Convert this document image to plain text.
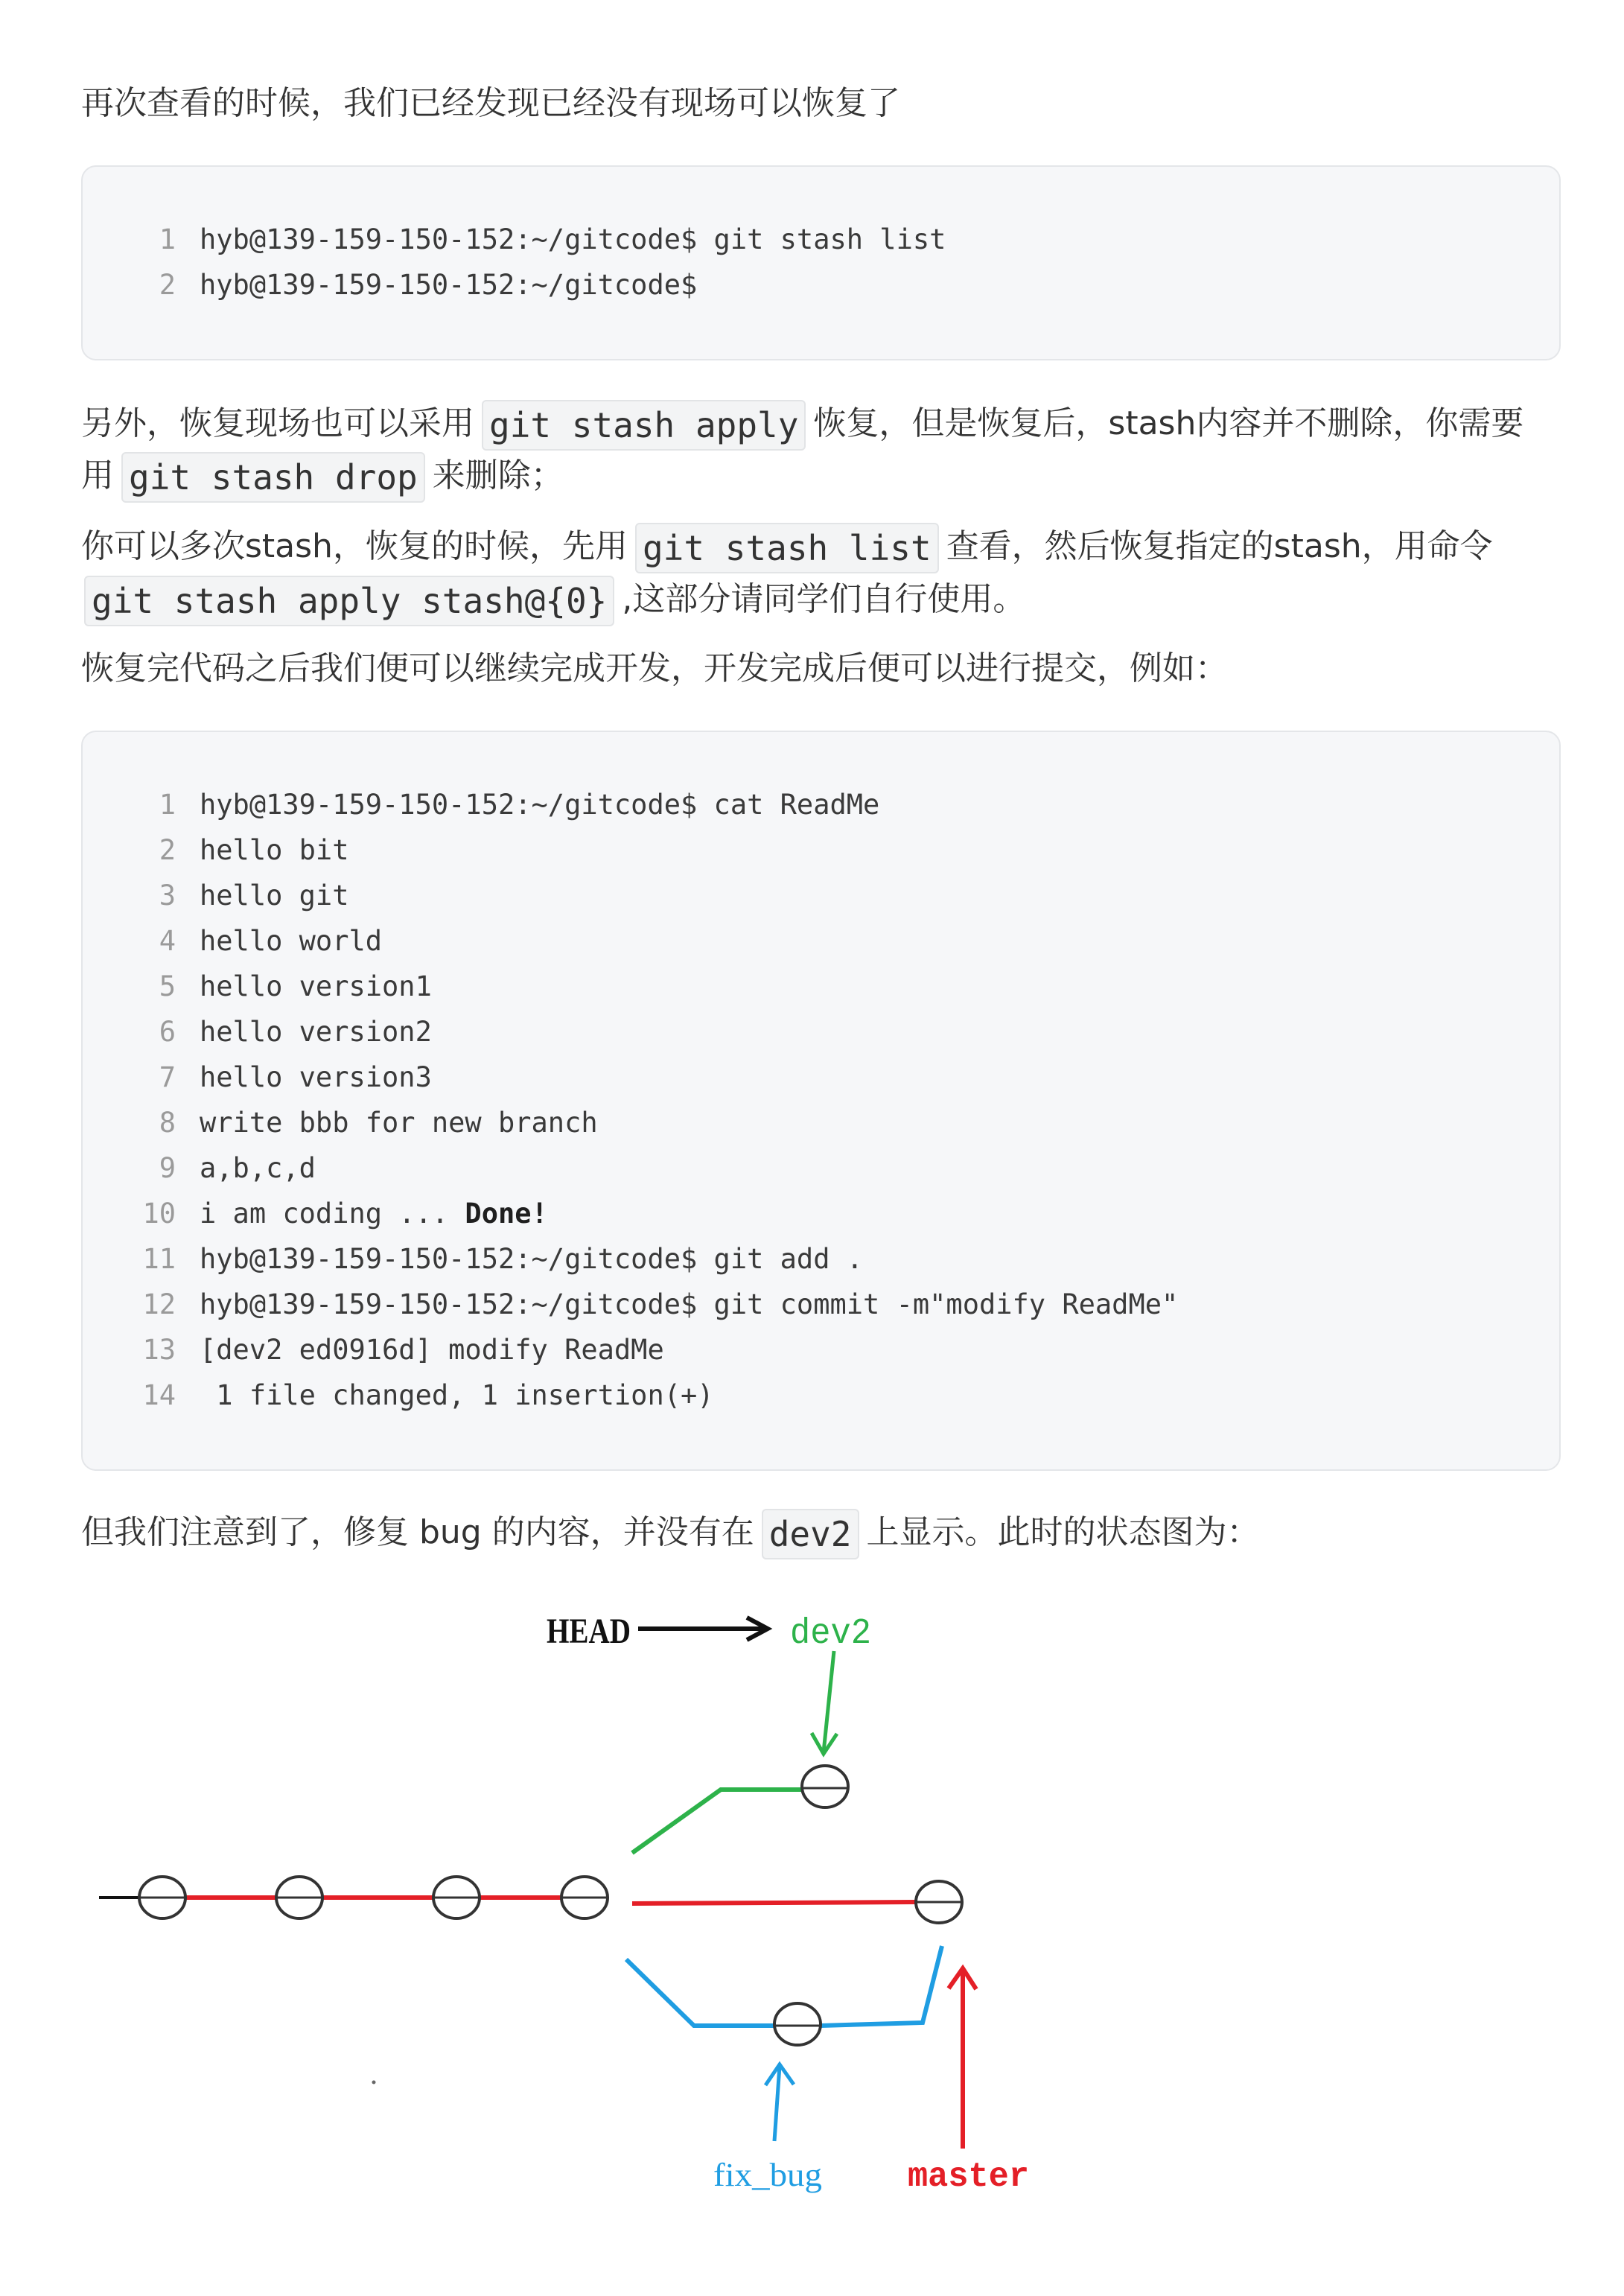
再次查看的时候，我们已经发现已经没有现场可以恢复了
1 hyb@139-159-150-152:~/gitcode$ git stash list
2 hyb@139-159-150-152:~/gitcode$
另外，恢复现场也可以采用 git stash apply 恢复，但是恢复后，stash内容并不删除，你需要
用 git stash drop 来删除；
你可以多次stash，恢复的时候，先用 git stash list 查看，然后恢复指定的stash，用命令
git stash apply stash@{0} ,这部分请同学们自行使用。
恢复完代码之后我们便可以继续完成开发，开发完成后便可以进行提交，例如：
1 hyb@139-159-150-152:~/gitcode$ cat ReadMe
2 hello bit
3 hello git
4 hello world
5 hello version1
6 hello version2
7 hello version3
8 write bbb for new branch
9 a,b,c,d
10 i am coding ... Done!
11 hyb@139-159-150-152:~/gitcode$ git add .
12 hyb@139-159-150-152:~/gitcode$ git commit -m"modify ReadMe"
13 [dev2 ed0916d] modify ReadMe
14 1 file changed, 1 insertion(+)
但我们注意到了，修复 bug 的内容，并没有在 dev2 上显示。此时的状态图为：
HEAD	dev2
fix_bug	master
